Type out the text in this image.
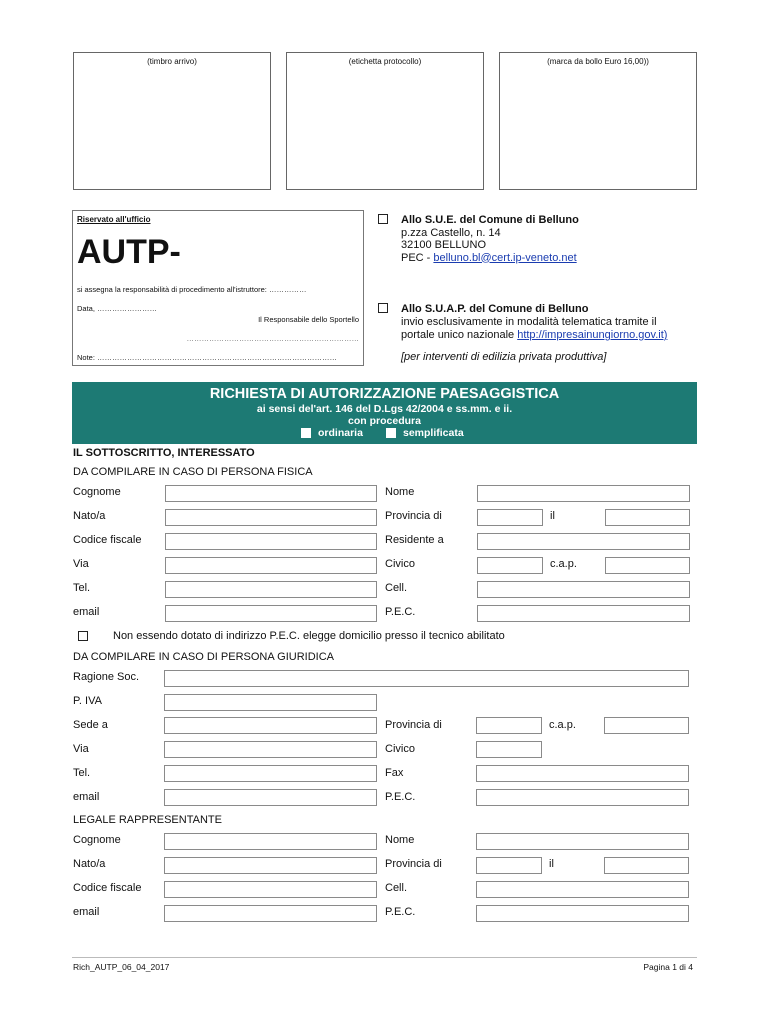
(timbro arrivo)	(etichetta protocollo)	(marca da bollo Euro 16,00))
Riservato all'ufficio
AUTP-
si assegna la responsabilità di procedimento all'istruttore: ……………
Data, ……………………
Il Responsabile dello Sportello
……………………………………………………………
Note: ……………………………………………………………………………………
Allo S.U.E. del Comune di Belluno
p.zza Castello, n. 14
32100 BELLUNO
PEC - belluno.bl@cert.ip-veneto.net
Allo S.U.A.P. del Comune di Belluno
invio esclusivamente in modalità telematica tramite il
portale unico nazionale http://impresainungiorno.gov.it)
[per interventi di edilizia privata produttiva]
RICHIESTA DI AUTORIZZAZIONE PAESAGGISTICA
ai sensi del'art. 146 del D.Lgs 42/2004 e ss.mm. e ii.
con procedura
ordinaria	semplificata
IL SOTTOSCRITTO, INTERESSATO
DA COMPILARE IN CASO DI PERSONA FISICA
Cognome	Nome
Nato/a	Provincia di	il
Codice fiscale	Residente a
Via	Civico	c.a.p.
Tel.	Cell.
email	P.E.C.
Non essendo dotato di indirizzo P.E.C. elegge domicilio presso il tecnico abilitato
DA COMPILARE IN CASO DI PERSONA GIURIDICA
Ragione Soc.
P. IVA
Sede a	Provincia di	c.a.p.
Via	Civico
Tel.	Fax
email	P.E.C.
LEGALE RAPPRESENTANTE
Cognome	Nome
Nato/a	Provincia di	il
Codice fiscale	Cell.
email	P.E.C.
Rich_AUTP_06_04_2017	Pagina 1 di 4
